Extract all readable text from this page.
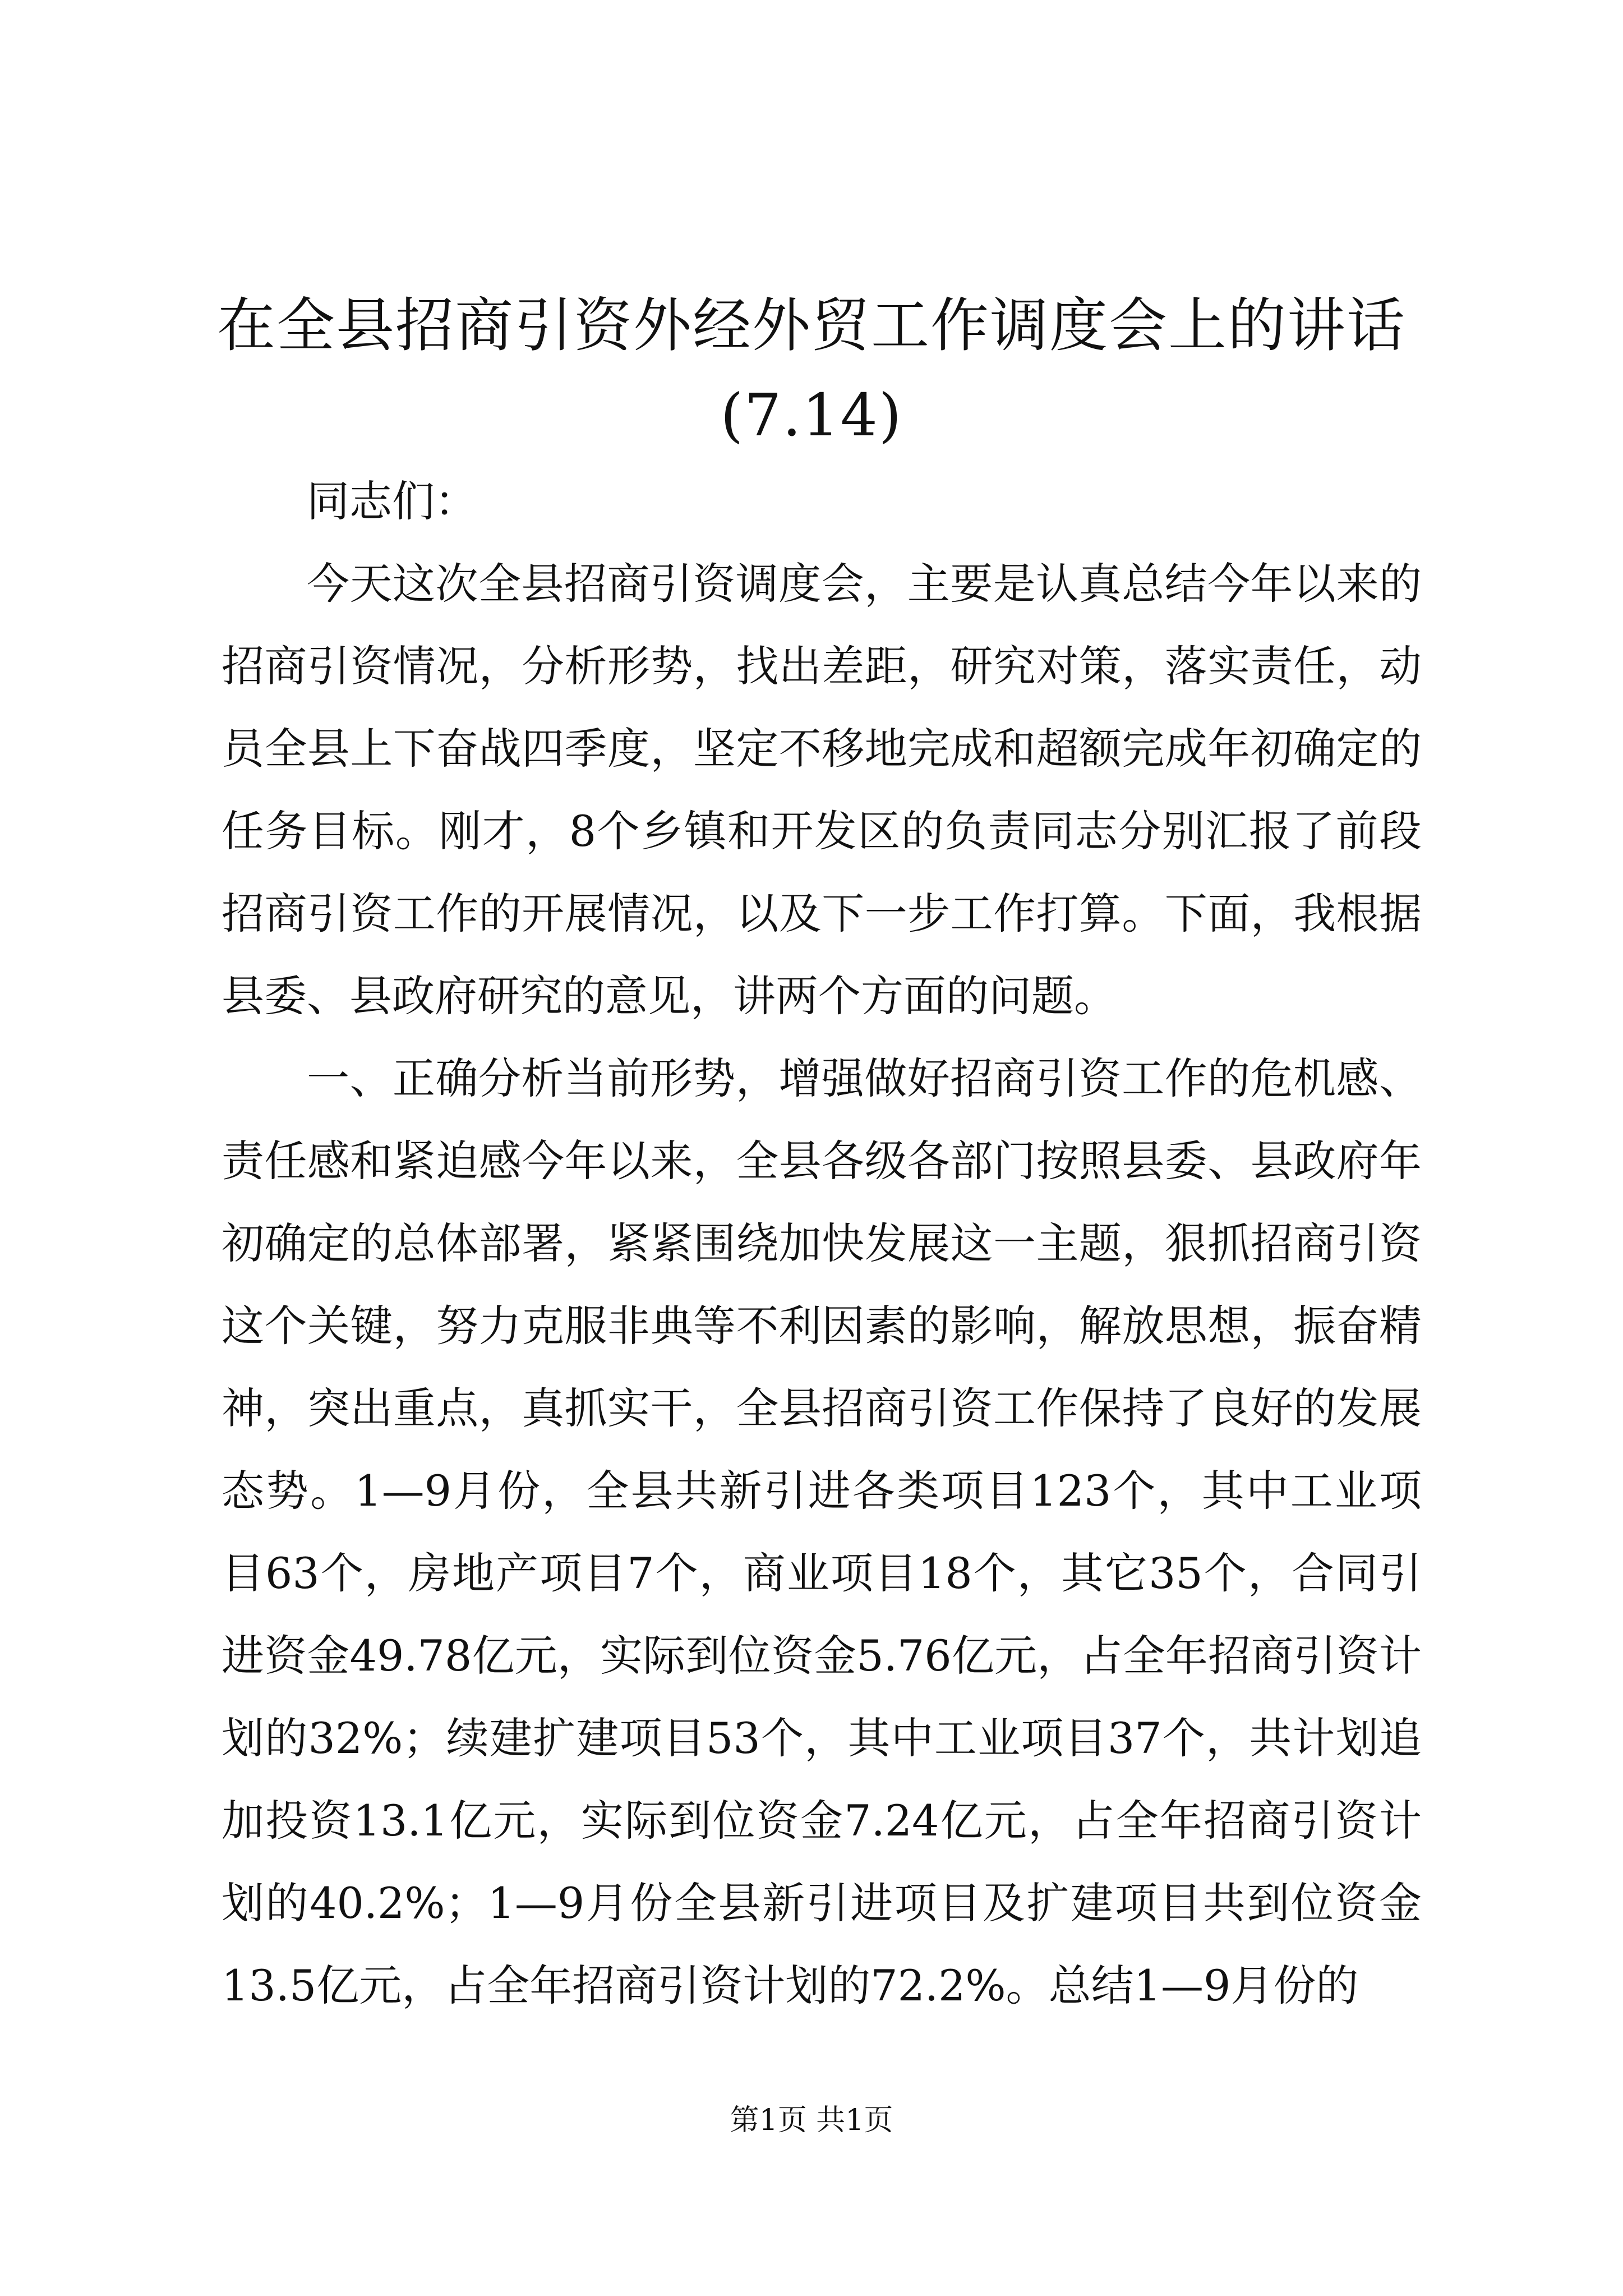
在全县招商引资外经外贸工作调度会上的讲话
(7.14)

同志们：

今天这次全县招商引资调度会，主要是认真总结今年以来的招商引资情况，分析形势，找出差距，研究对策，落实责任，动员全县上下奋战四季度，坚定不移地完成和超额完成年初确定的任务目标。刚才，8个乡镇和开发区的负责同志分别汇报了前段招商引资工作的开展情况，以及下一步工作打算。下面，我根据县委、县政府研究的意见，讲两个方面的问题。

一、正确分析当前形势，增强做好招商引资工作的危机感、责任感和紧迫感今年以来，全县各级各部门按照县委、县政府年初确定的总体部署，紧紧围绕加快发展这一主题，狠抓招商引资这个关键，努力克服非典等不利因素的影响，解放思想，振奋精神，突出重点，真抓实干，全县招商引资工作保持了良好的发展态势。1—9月份，全县共新引进各类项目123个，其中工业项目63个，房地产项目7个，商业项目18个，其它35个，合同引进资金49.78亿元，实际到位资金5.76亿元，占全年招商引资计划的32%；续建扩建项目53个，其中工业项目37个，共计划追加投资13.1亿元，实际到位资金7.24亿元，占全年招商引资计划的40.2%；1—9月份全县新引进项目及扩建项目共到位资金13.5亿元，占全年招商引资计划的72.2%。总结1—9月份的

第1页 共1页
